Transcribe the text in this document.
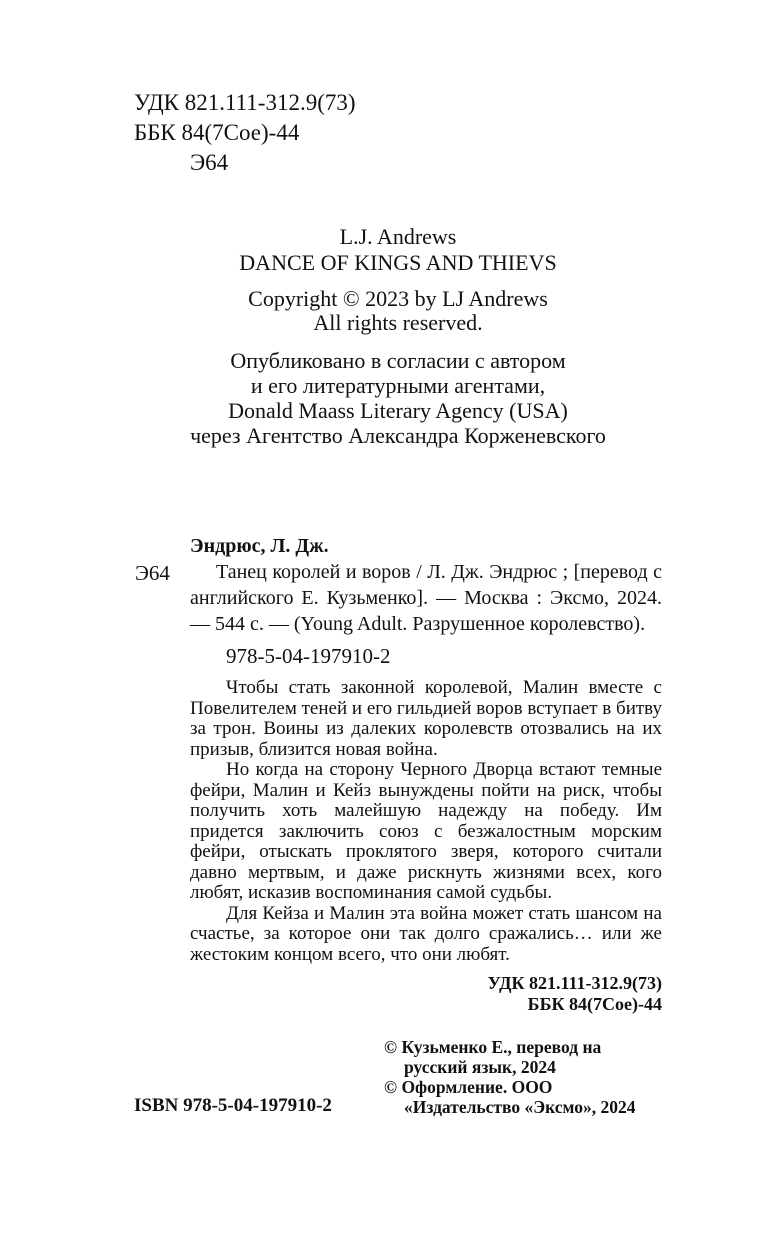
УДК 821.111-312.9(73)
ББК 84(7Сое)-44
Э64
L.J. Andrews
DANCE OF KINGS AND THIEVS
Copyright © 2023 by LJ Andrews
All rights reserved.
Опубликовано в согласии с автором
и его литературными агентами,
Donald Maass Literary Agency (USA)
через Агентство Александра Корженевского
Эндрюс, Л. Дж.
Э64	Танец королей и воров / Л. Дж. Эндрюс ; [перевод с английского Е. Кузьменко]. — Москва : Эксмо, 2024. — 544 с. — (Young Adult. Разрушенное королевство).

978-5-04-197910-2

Чтобы стать законной королевой, Малин вместе с Повелителем теней и его гильдией воров вступает в битву за трон. Воины из далеких королевств отозвались на их призыв, близится новая война.

Но когда на сторону Черного Дворца встают темные фейри, Малин и Кейз вынуждены пойти на риск, чтобы получить хоть малейшую надежду на победу. Им придется заключить союз с безжалостным морским фейри, отыскать проклятого зверя, которого считали давно мертвым, и даже рискнуть жизнями всех, кого любят, исказив воспоминания самой судьбы.

Для Кейза и Малин эта война может стать шансом на счастье, за которое они так долго сражались… или же жестоким концом всего, что они любят.

УДК 821.111-312.9(73)
ББК 84(7Сое)-44
ISBN 978-5-04-197910-2

© Кузьменко Е., перевод на русский язык, 2024

© Оформление. ООО «Издательство «Эксмо», 2024
